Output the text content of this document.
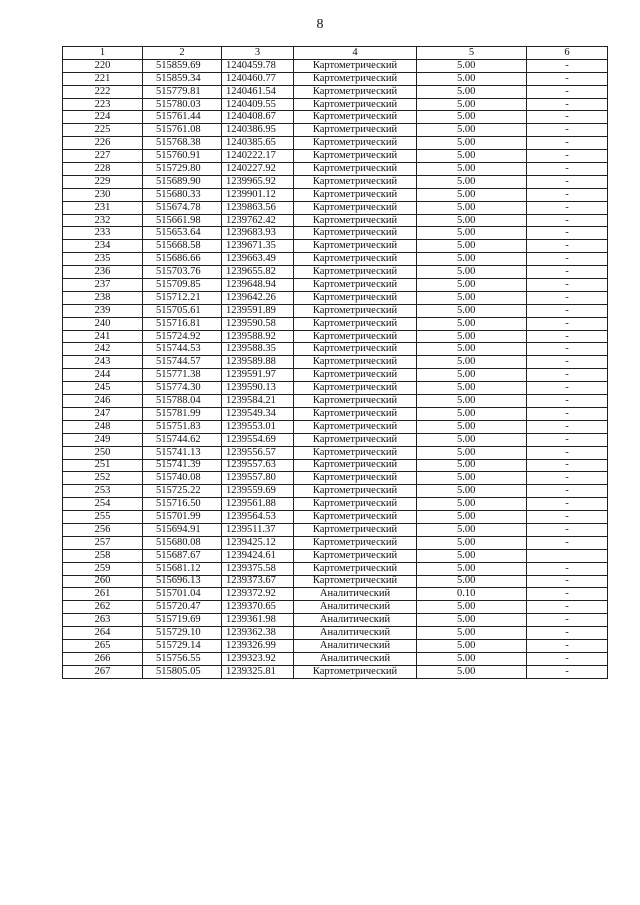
8
1	2	3	4	5	6
220	515859.69	1240459.78	Картометрический	5.00	-
221	515859.34	1240460.77	Картометрический	5.00	-
222	515779.81	1240461.54	Картометрический	5.00	-
223	515780.03	1240409.55	Картометрический	5.00	-
224	515761.44	1240408.67	Картометрический	5.00	-
225	515761.08	1240386.95	Картометрический	5.00	-
226	515768.38	1240385.65	Картометрический	5.00	-
227	515760.91	1240222.17	Картометрический	5.00	-
228	515729.80	1240227.92	Картометрический	5.00	-
229	515689.90	1239965.92	Картометрический	5.00	-
230	515680.33	1239901.12	Картометрический	5.00	-
231	515674.78	1239863.56	Картометрический	5.00	-
232	515661.98	1239762.42	Картометрический	5.00	-
233	515653.64	1239683.93	Картометрический	5.00	-
234	515668.58	1239671.35	Картометрический	5.00	-
235	515686.66	1239663.49	Картометрический	5.00	-
236	515703.76	1239655.82	Картометрический	5.00	-
237	515709.85	1239648.94	Картометрический	5.00	-
238	515712.21	1239642.26	Картометрический	5.00	-
239	515705.61	1239591.89	Картометрический	5.00	-
240	515716.81	1239590.58	Картометрический	5.00	-
241	515724.92	1239588.92	Картометрический	5.00	-
242	515744.53	1239588.35	Картометрический	5.00	-
243	515744.57	1239589.88	Картометрический	5.00	-
244	515771.38	1239591.97	Картометрический	5.00	-
245	515774.30	1239590.13	Картометрический	5.00	-
246	515788.04	1239584.21	Картометрический	5.00	-
247	515781.99	1239549.34	Картометрический	5.00	-
248	515751.83	1239553.01	Картометрический	5.00	-
249	515744.62	1239554.69	Картометрический	5.00	-
250	515741.13	1239556.57	Картометрический	5.00	-
251	515741.39	1239557.63	Картометрический	5.00	-
252	515740.08	1239557.80	Картометрический	5.00	-
253	515725.22	1239559.69	Картометрический	5.00	-
254	515716.50	1239561.88	Картометрический	5.00	-
255	515701.99	1239564.53	Картометрический	5.00	-
256	515694.91	1239511.37	Картометрический	5.00	-
257	515680.08	1239425.12	Картометрический	5.00	-
258	515687.67	1239424.61	Картометрический	5.00	
259	515681.12	1239375.58	Картометрический	5.00	-
260	515696.13	1239373.67	Картометрический	5.00	-
261	515701.04	1239372.92	Аналитический	0.10	-
262	515720.47	1239370.65	Аналитический	5.00	-
263	515719.69	1239361.98	Аналитический	5.00	-
264	515729.10	1239362.38	Аналитический	5.00	-
265	515729.14	1239326.99	Аналитический	5.00	-
266	515756.55	1239323.92	Аналитический	5.00	-
267	515805.05	1239325.81	Картометрический	5.00	-
